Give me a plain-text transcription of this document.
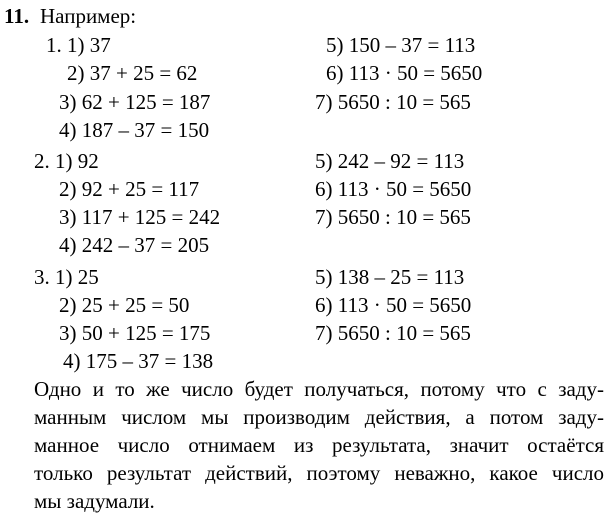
11. Например:
1. 1) 37
2) 37 + 25 = 62
3) 62 + 125 = 187
4) 187 – 37 = 150
5) 150 – 37 = 113
6) 113 · 50 = 5650
7) 5650 : 10 = 565
2. 1) 92
2) 92 + 25 = 117
3) 117 + 125 = 242
4) 242 – 37 = 205
5) 242 – 92 = 113
6) 113 · 50 = 5650
7) 5650 : 10 = 565
3. 1) 25
2) 25 + 25 = 50
3) 50 + 125 = 175
4) 175 – 37 = 138
5) 138 – 25 = 113
6) 113 · 50 = 5650
7) 5650 : 10 = 565
Одно и то же число будет получаться, потому что с заду-
манным числом мы производим действия, а потом заду-
манное число отнимаем из результата, значит остаётся
только результат действий, поэтому неважно, какое число
мы задумали.
